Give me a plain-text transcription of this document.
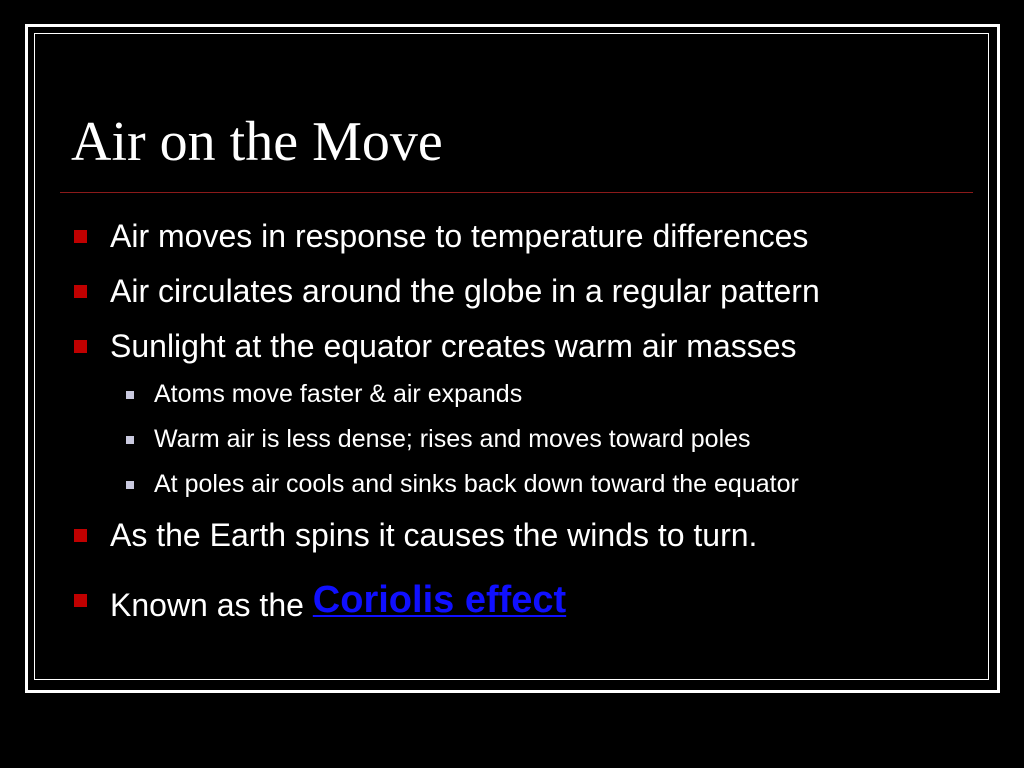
Air on the Move
Air moves in response to temperature differences
Air circulates around the globe in a regular pattern
Sunlight at the equator creates warm air masses
Atoms move faster & air expands
Warm air is less dense; rises and moves toward poles
At poles air cools and sinks back down toward the equator
As the Earth spins it causes the winds to turn.
Known as the Coriolis effect
